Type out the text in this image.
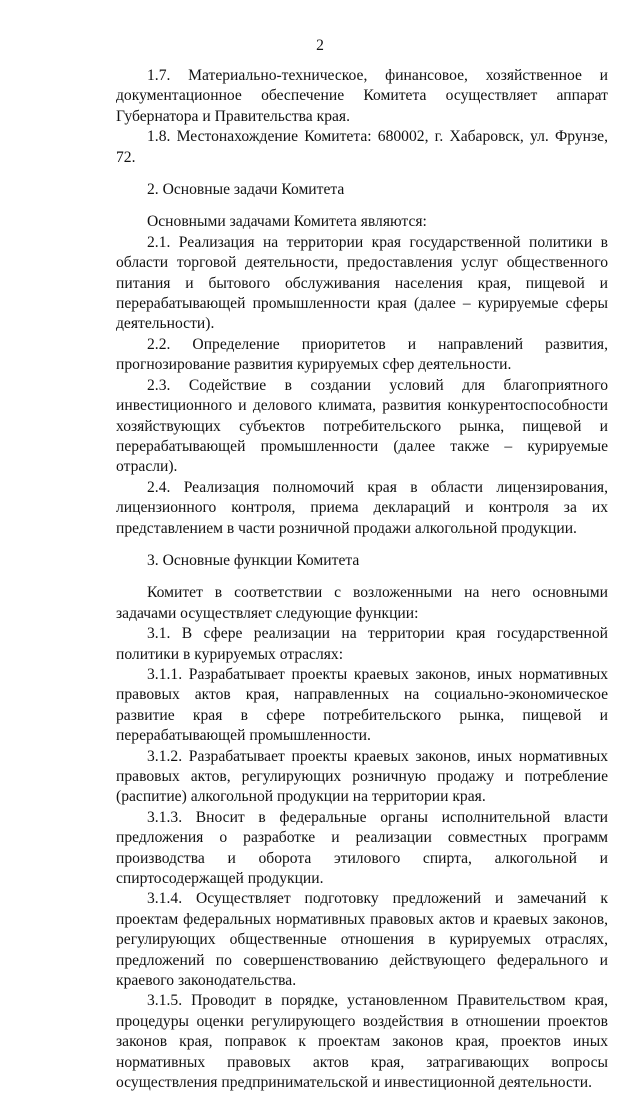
2

1.7. Материально-техническое, финансовое, хозяйственное и документационное обеспечение Комитета осуществляет аппарат Губернатора и Правительства края.

1.8. Местонахождение Комитета: 680002, г. Хабаровск, ул. Фрунзе, 72.

2. Основные задачи Комитета

Основными задачами Комитета являются:

2.1. Реализация на территории края государственной политики в области торговой деятельности, предоставления услуг общественного питания и бытового обслуживания населения края, пищевой и перерабатывающей промышленности края (далее – курируемые сферы деятельности).

2.2. Определение приоритетов и направлений развития, прогнозирование развития курируемых сфер деятельности.

2.3. Содействие в создании условий для благоприятного инвестиционного и делового климата, развития конкурентоспособности хозяйствующих субъектов потребительского рынка, пищевой и перерабатывающей промышленности (далее также – курируемые отрасли).

2.4. Реализация полномочий края в области лицензирования, лицензионного контроля, приема деклараций и контроля за их представлением в части розничной продажи алкогольной продукции.

3. Основные функции Комитета

Комитет в соответствии с возложенными на него основными задачами осуществляет следующие функции:

3.1. В сфере реализации на территории края государственной политики в курируемых отраслях:

3.1.1. Разрабатывает проекты краевых законов, иных нормативных правовых актов края, направленных на социально-экономическое развитие края в сфере потребительского рынка, пищевой и перерабатывающей промышленности.

3.1.2. Разрабатывает проекты краевых законов, иных нормативных правовых актов, регулирующих розничную продажу и потребление (распитие) алкогольной продукции на территории края.

3.1.3. Вносит в федеральные органы исполнительной власти предложения о разработке и реализации совместных программ производства и оборота этилового спирта, алкогольной и спиртосодержащей продукции.

3.1.4. Осуществляет подготовку предложений и замечаний к проектам федеральных нормативных правовых актов и краевых законов, регулирующих общественные отношения в курируемых отраслях, предложений по совершенствованию действующего федерального и краевого законодательства.

3.1.5. Проводит в порядке, установленном Правительством края, процедуры оценки регулирующего воздействия в отношении проектов законов края, поправок к проектам законов края, проектов иных нормативных правовых актов края, затрагивающих вопросы осуществления предпринимательской и инвестиционной деятельности.
